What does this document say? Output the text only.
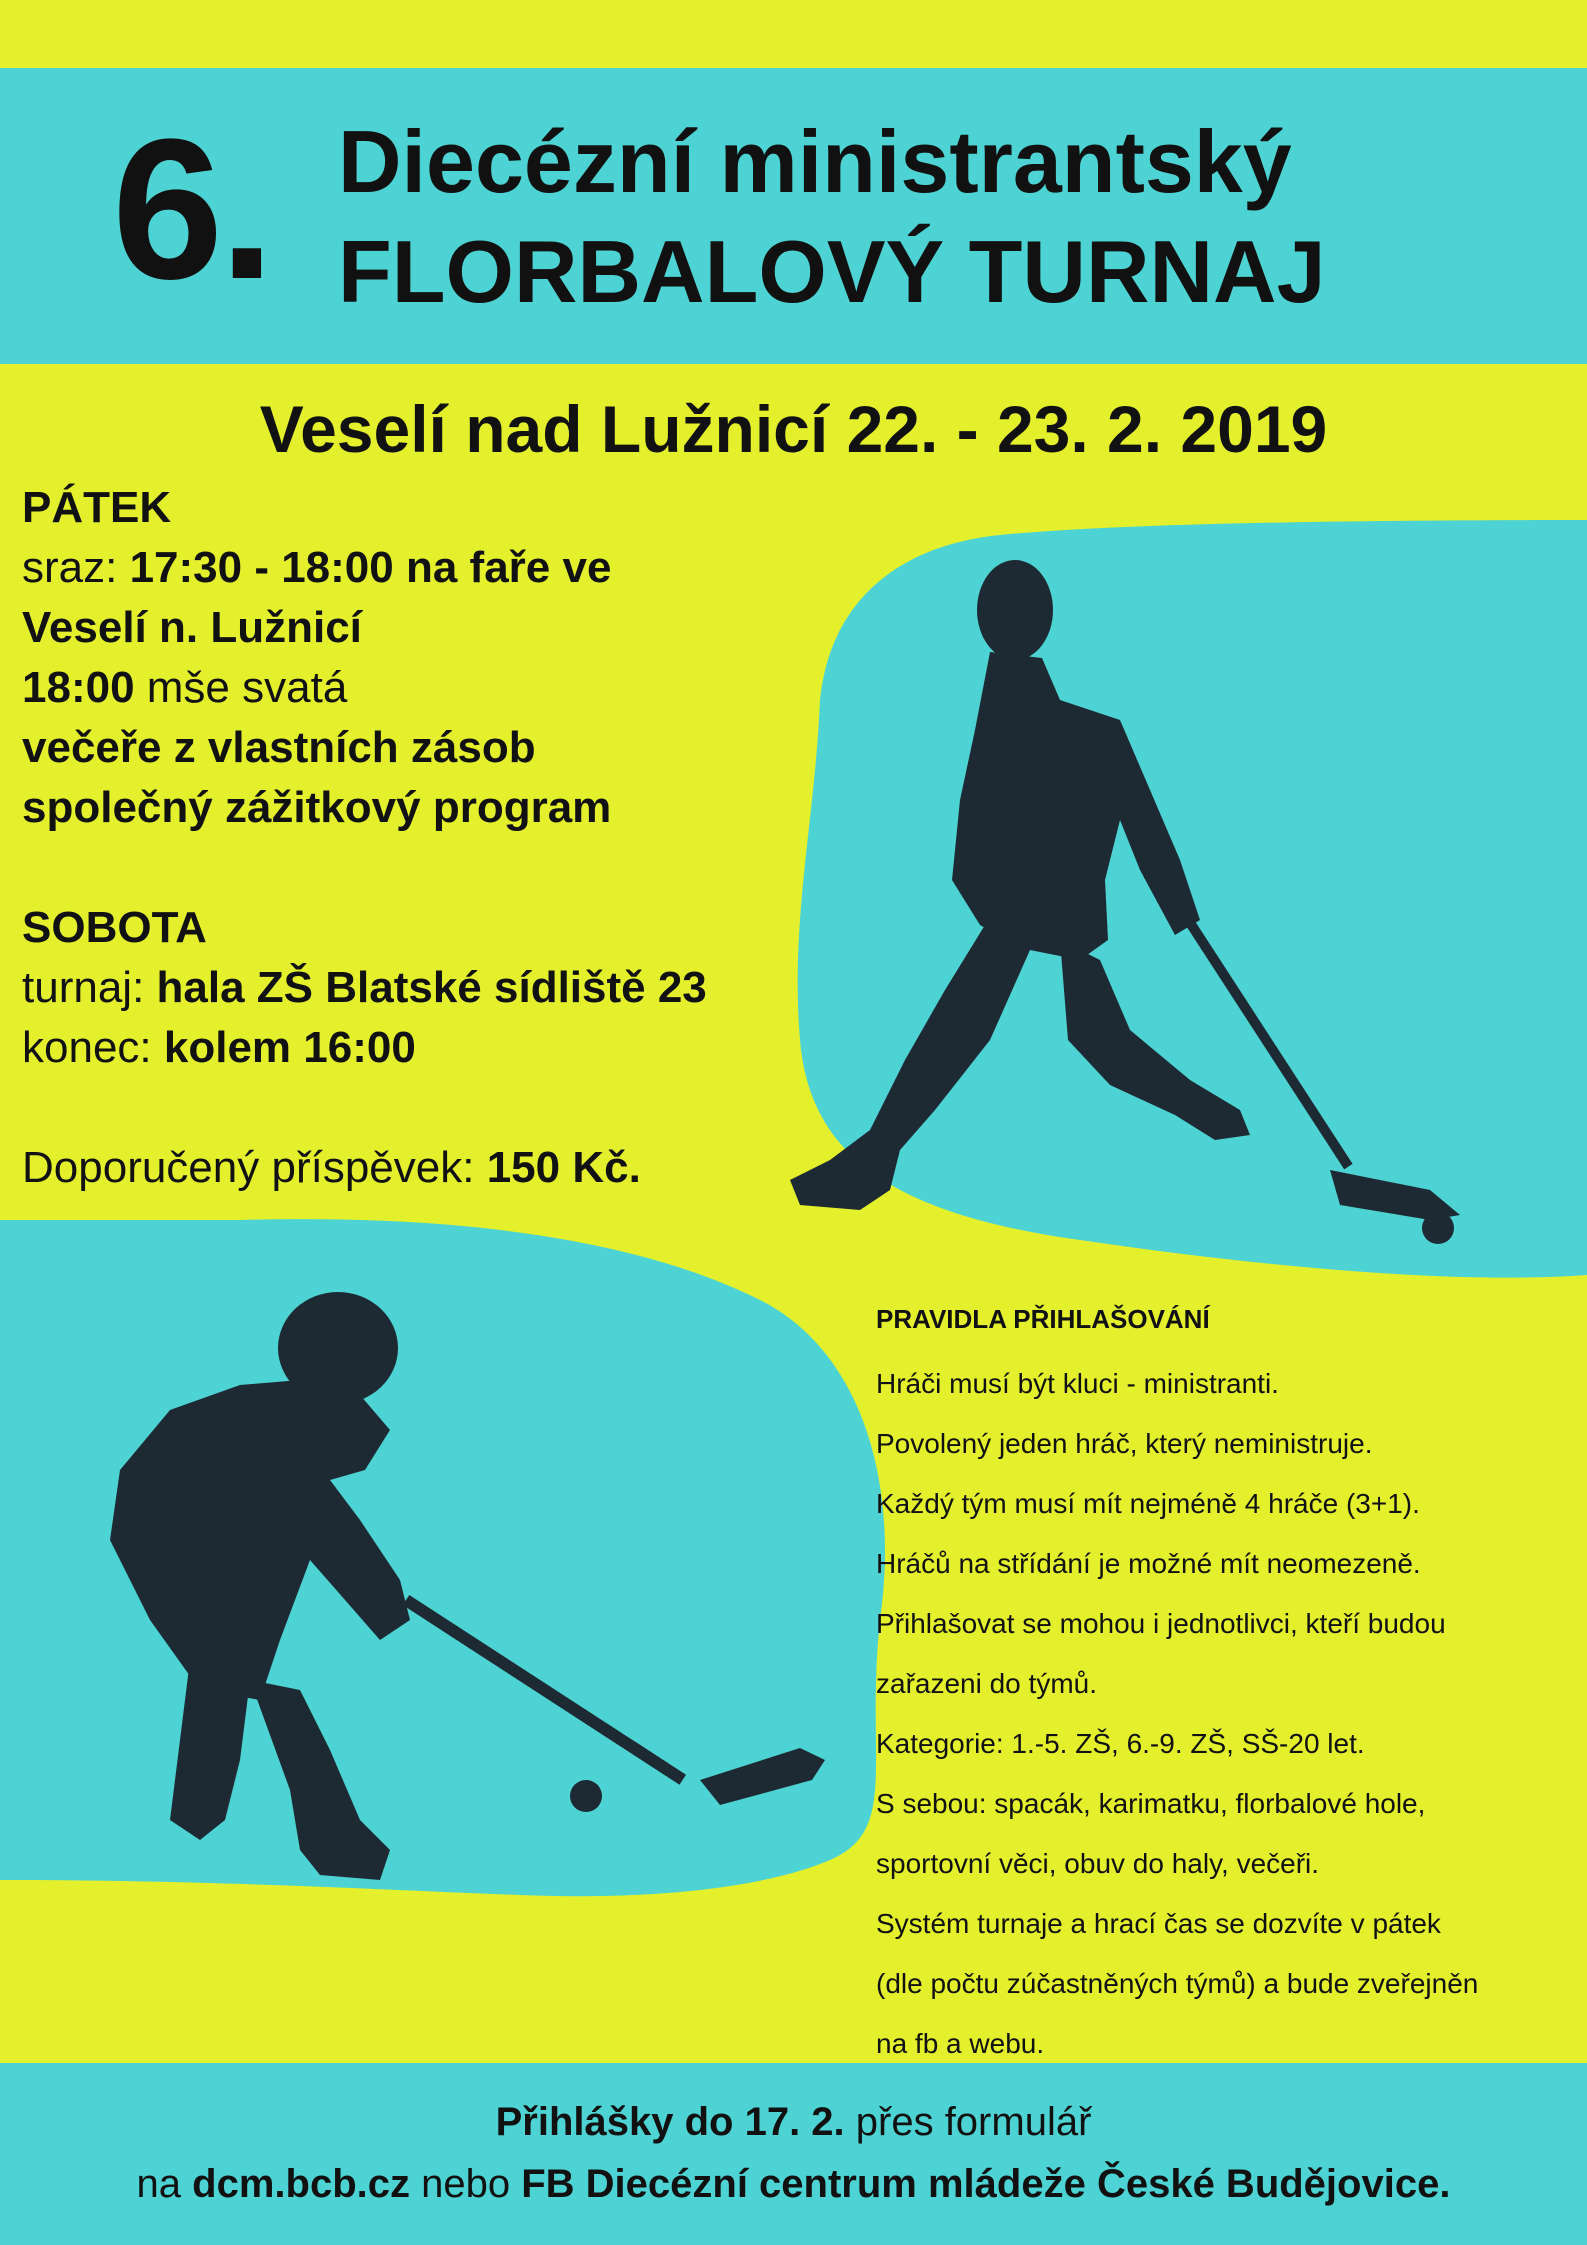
6. Diecézní ministrantský
FLORBALOVÝ TURNAJ
Veselí nad Lužnicí 22. - 23. 2. 2019
PÁTEK
sraz: 17:30 - 18:00 na faře ve
Veselí n. Lužnicí
18:00 mše svatá
večeře z vlastních zásob
společný zážitkový program
SOBOTA
turnaj: hala ZŠ Blatské sídliště 23
konec: kolem 16:00
Doporučený příspěvek: 150 Kč.
PRAVIDLA PŘIHLAŠOVÁNÍ
Hráči musí být kluci - ministranti.
Povolený jeden hráč, který neministruje.
Každý tým musí mít nejméně 4 hráče (3+1).
Hráčů na střídání je možné mít neomezeně.
Přihlašovat se mohou i jednotlivci, kteří budou
zařazeni do týmů.
Kategorie: 1.-5. ZŠ, 6.-9. ZŠ, SŠ-20 let.
S sebou: spacák, karimatku, florbalové hole,
sportovní věci, obuv do haly, večeři.
Systém turnaje a hrací čas se dozvíte v pátek
(dle počtu zúčastněných týmů) a bude zveřejněn
na fb a webu.
Přihlášky do 17. 2. přes formulář
na dcm.bcb.cz nebo FB Diecézní centrum mládeže České Budějovice.
